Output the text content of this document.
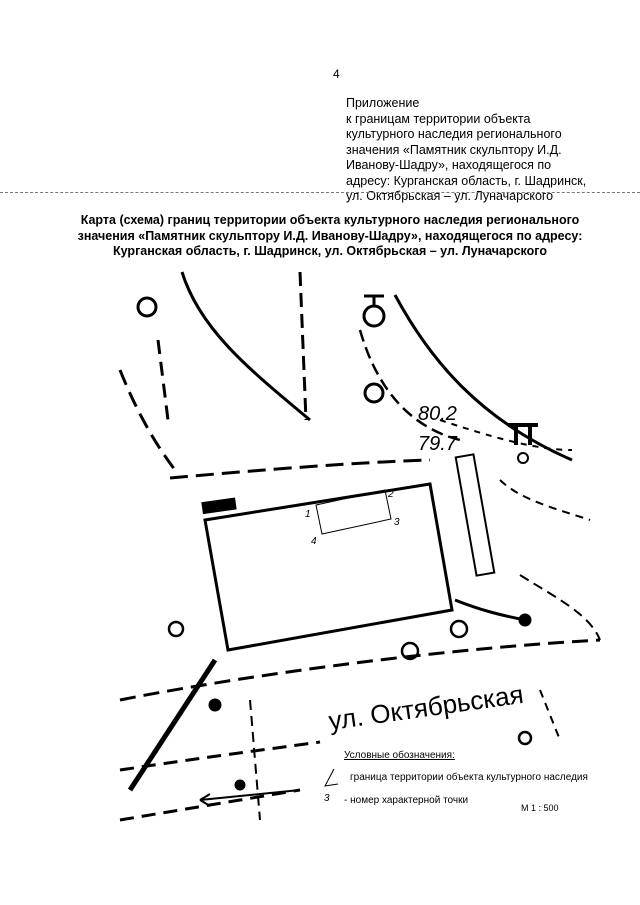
4
Приложение
к границам территории объекта
культурного наследия регионального
значения «Памятник скульптору И.Д.
Иванову-Шадру», находящегося по
адресу: Курганская область, г. Шадринск,
ул. Октябрьская – ул. Луначарского
Карта (схема) границ территории объекта культурного наследия регионального
значения «Памятник скульптору И.Д. Иванову-Шадру», находящегося по адресу:
Курганская область, г. Шадринск, ул. Октябрьская – ул. Луначарского
1
2
3
4
80.2
79.7
ул. Октябрьская
Условные обозначения:
граница территории объекта культурного наследия
3 - номер характерной точки
М 1 : 500
